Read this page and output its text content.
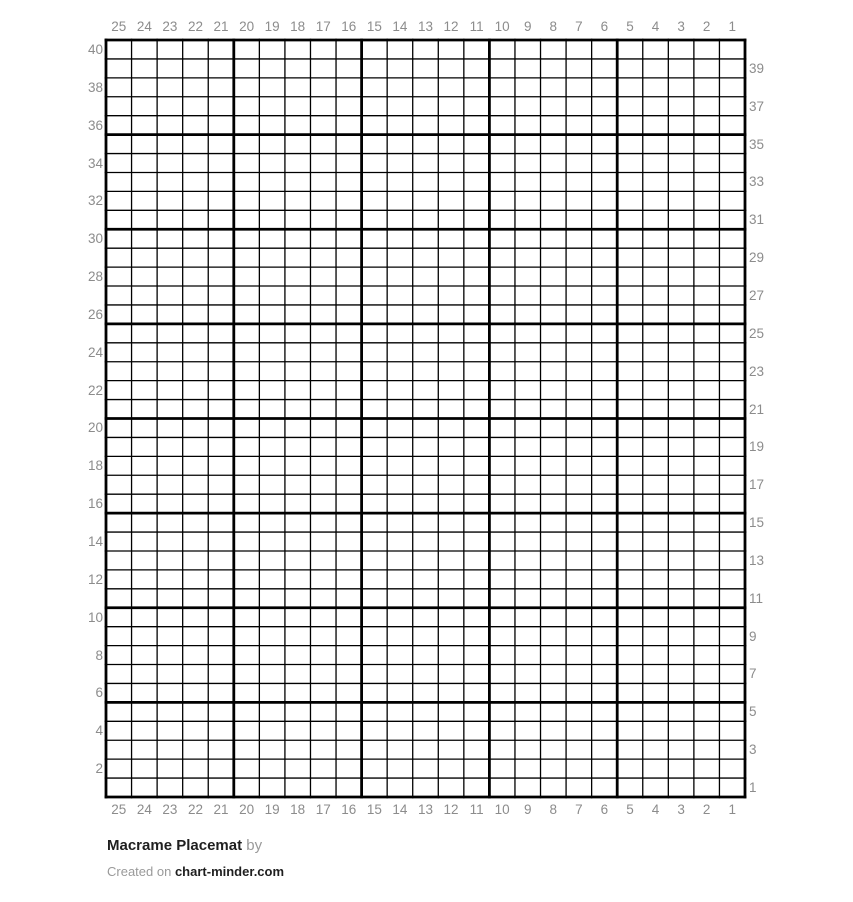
25 24 23 22 21 20 19 18 17 16 15 14 13 12 11 10	9	8	7	6	5	4	3	2	1
40
38
36
34
32
30
28
26
24
22
20
18
16
14
12
10
8
6
4
2
39
37
35
33
31
29
27
25
23
21
19
17
15
13
11
9
7
5
3
1
25 24 23 22 21 20 19 18 17 16 15 14 13 12 11 10	9	8	7	6	5	4	3	2	1
Macrame Placemat by
Created on chart-minder.com
